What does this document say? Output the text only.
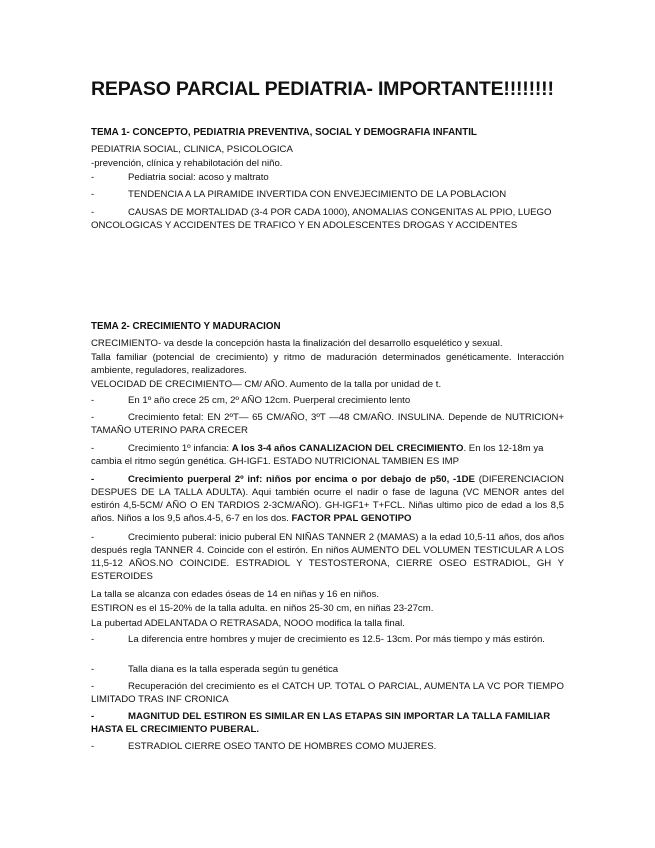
REPASO PARCIAL PEDIATRIA- IMPORTANTE!!!!!!!!
TEMA 1- CONCEPTO, PEDIATRIA PREVENTIVA, SOCIAL Y DEMOGRAFIA INFANTIL
PEDIATRIA SOCIAL, CLINICA, PSICOLOGICA
-prevención, clínica y rehabilotación del niño.
-	Pediatria social: acoso y maltrato
-	TENDENCIA A LA PIRAMIDE INVERTIDA CON ENVEJECIMIENTO DE LA POBLACION
-	CAUSAS DE MORTALIDAD (3-4 POR CADA 1000), ANOMALIAS CONGENITAS AL PPIO, LUEGO ONCOLOGICAS Y ACCIDENTES DE TRAFICO Y EN ADOLESCENTES DROGAS Y ACCIDENTES
TEMA 2- CRECIMIENTO Y MADURACION
CRECIMIENTO- va desde la concepción hasta la finalización del desarrollo esquelético y sexual.
Talla familiar (potencial de crecimiento) y ritmo de maduración determinados genéticamente. Interacción ambiente, reguladores, realizadores.
VELOCIDAD DE CRECIMIENTO— CM/ AÑO. Aumento de la talla por unidad de t.
-	En 1º año crece 25 cm, 2º AÑO 12cm. Puerperal crecimiento lento
-	Crecimiento fetal: EN 2ºT— 65 CM/AÑO, 3ºT —48 CM/AÑO. INSULINA. Depende de NUTRICION+ TAMAÑO UTERINO PARA CRECER
-	Crecimiento 1º infancia: A los 3-4 años CANALIZACION DEL CRECIMIENTO. En los 12-18m ya cambia el ritmo según genética. GH-IGF1. ESTADO NUTRICIONAL TAMBIEN ES IMP
-	Crecimiento puerperal 2º inf: niños por encima o por debajo de p50, -1DE (DIFERENCIACION DESPUES DE LA TALLA ADULTA). Aqui también ocurre el nadir o fase de laguna (VC MENOR antes del estirón 4,5-5CM/ AÑO O EN TARDIOS 2-3CM/AÑO). GH-IGF1+ T+FCL. Niñas ultimo pico de edad a los 8,5 años. Niños a los 9,5 años.4-5, 6-7 en los dos. FACTOR PPAL GENOTIPO
-	Crecimiento puberal: inicio puberal EN NIÑAS TANNER 2 (MAMAS) a la edad 10,5-11 años, dos años después regla TANNER 4. Coincide con el estirón. En niños AUMENTO DEL VOLUMEN TESTICULAR A LOS 11,5-12 AÑOS.NO COINCIDE. ESTRADIOL Y TESTOSTERONA, CIERRE OSEO ESTRADIOL, GH Y ESTEROIDES
La talla se alcanza con edades óseas de 14 en niñas y 16 en niños.
ESTIRON es el 15-20% de la talla adulta. en niños 25-30 cm, en niñas 23-27cm.
La pubertad ADELANTADA O RETRASADA, NOOO modifica la talla final.
-	La diferencia entre hombres y mujer de crecimiento es 12.5- 13cm. Por más tiempo y más estirón.
-	Talla diana es la talla esperada según tu genética
-	Recuperación del crecimiento es el CATCH UP. TOTAL O PARCIAL, AUMENTA LA VC POR TIEMPO LIMITADO TRAS INF CRONICA
-	MAGNITUD DEL ESTIRON ES SIMILAR EN LAS ETAPAS SIN IMPORTAR LA TALLA FAMILIAR HASTA EL CRECIMIENTO PUBERAL.
-	ESTRADIOL CIERRE OSEO TANTO DE HOMBRES COMO MUJERES.
